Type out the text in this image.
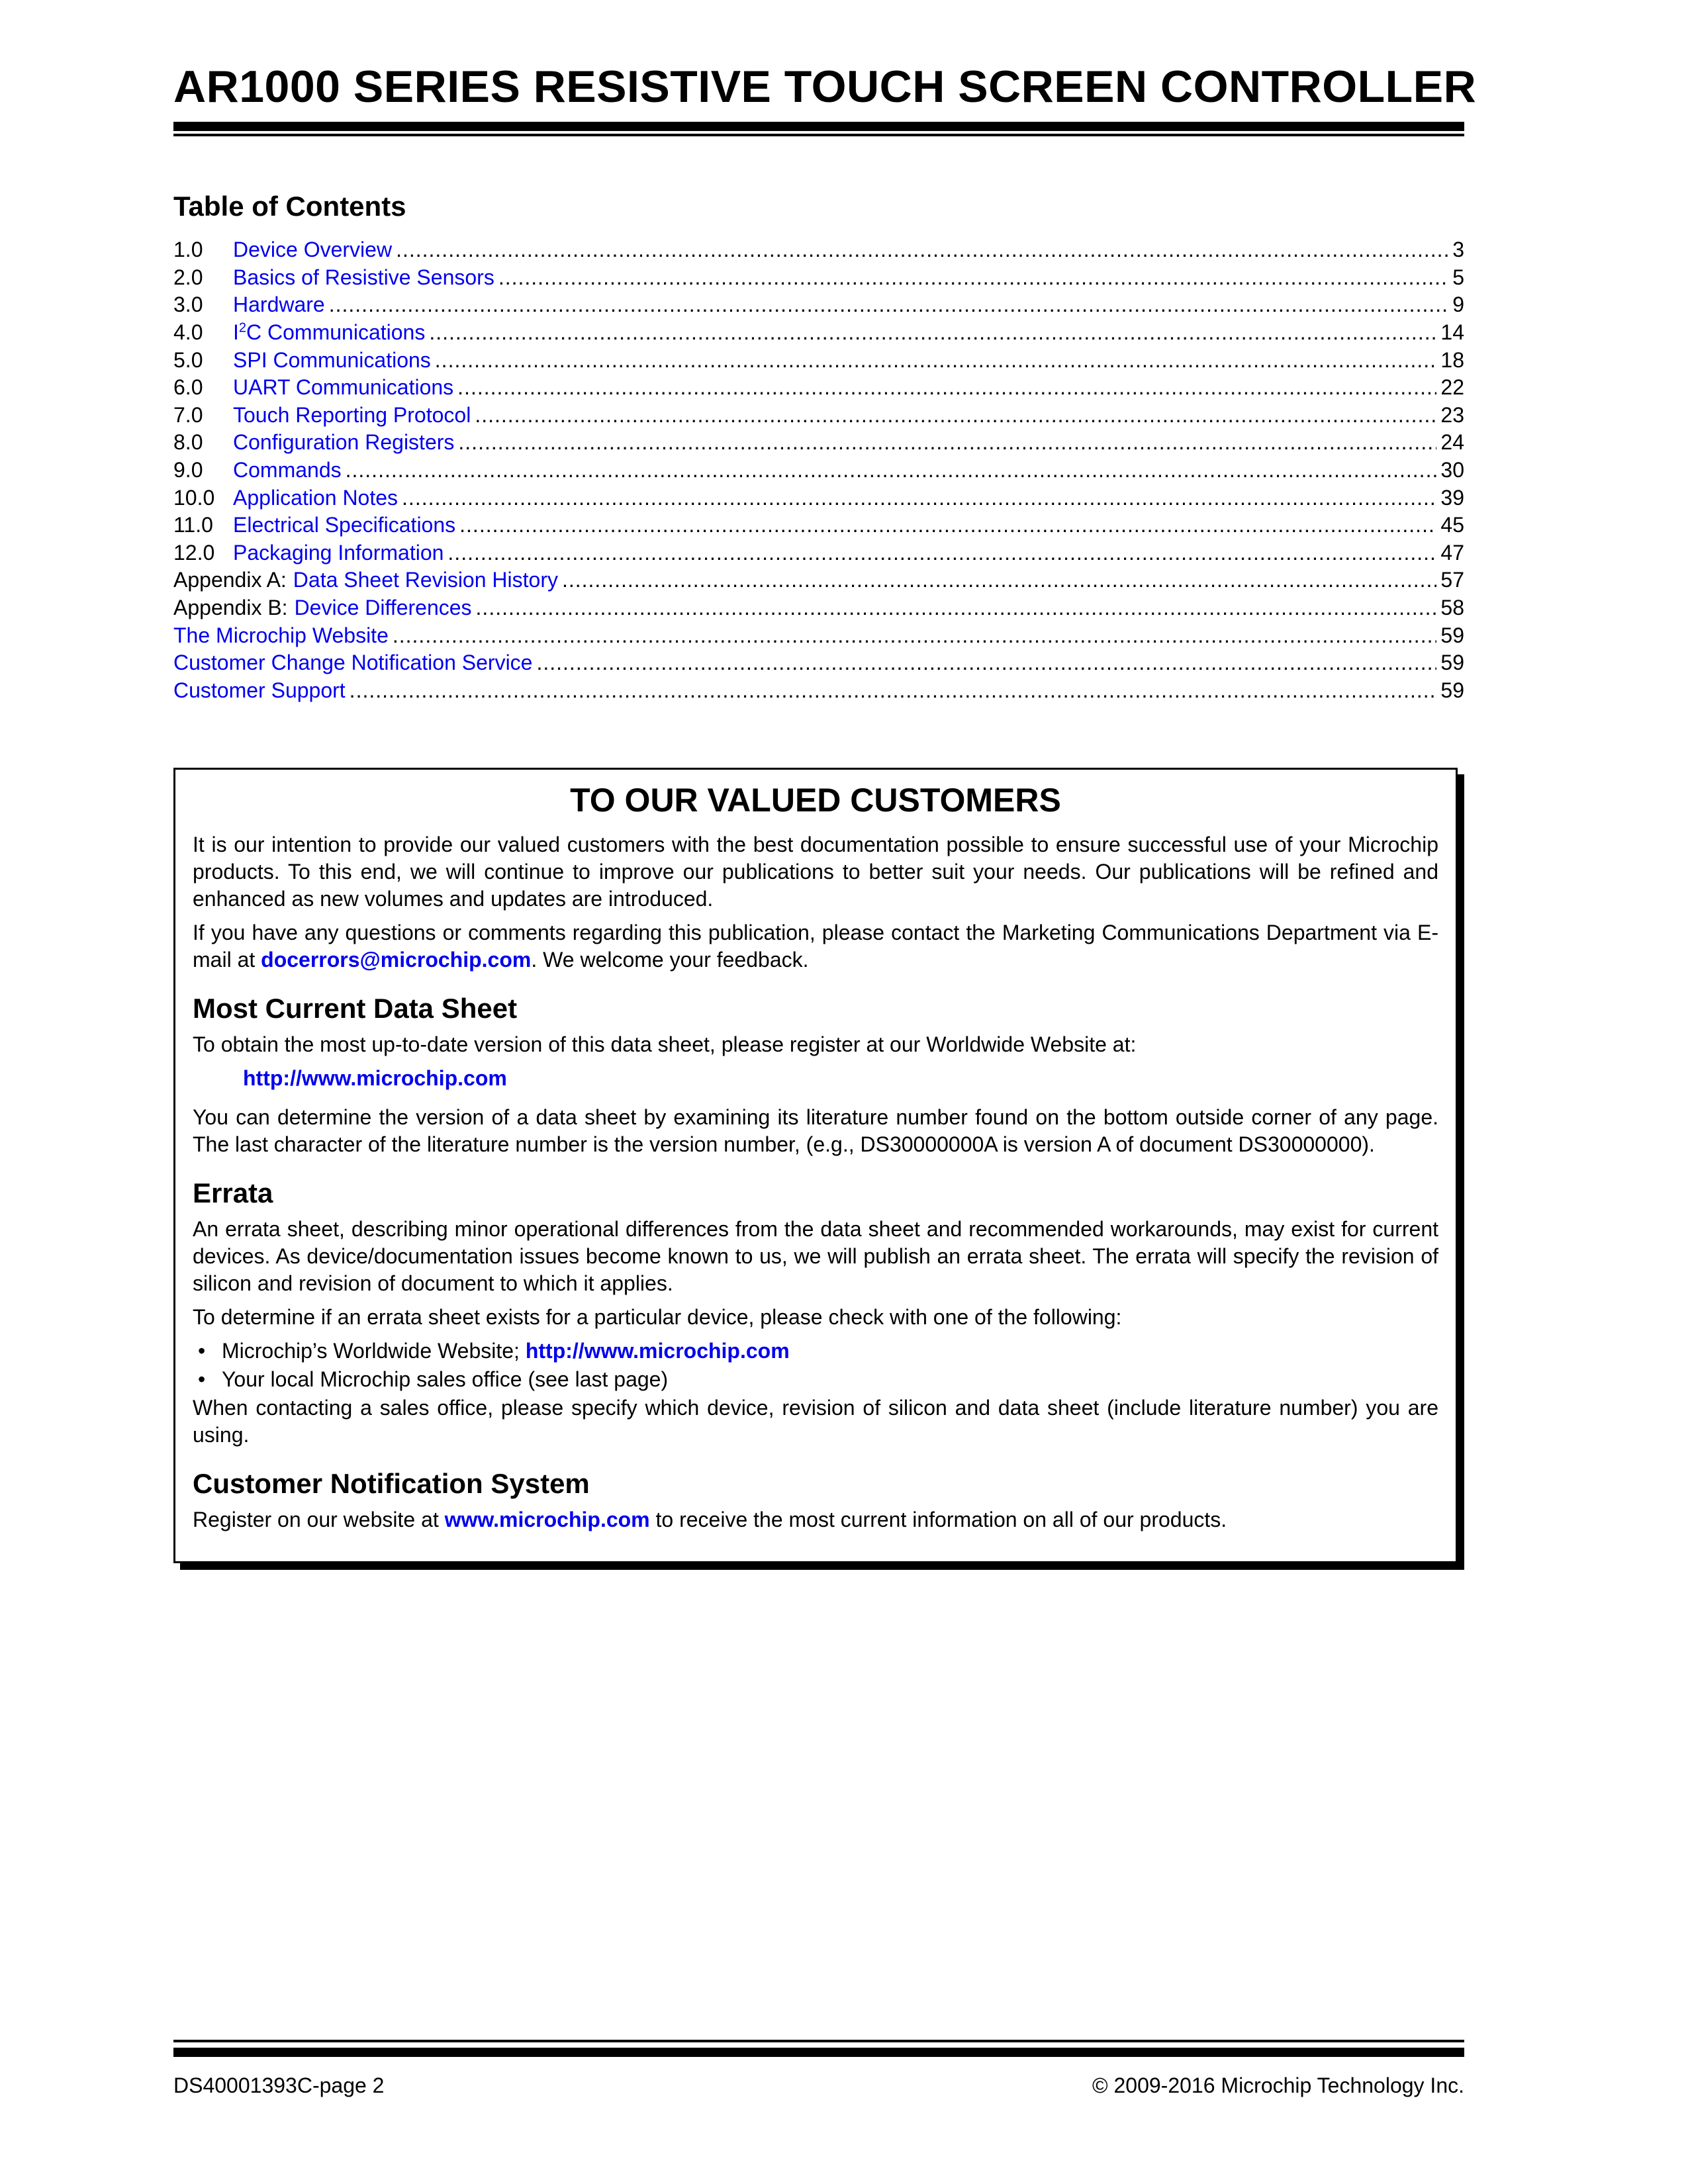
AR1000 SERIES RESISTIVE TOUCH SCREEN CONTROLLER
Table of Contents
1.0	Device Overview .....	3
2.0	Basics of Resistive Sensors .....	5
3.0	Hardware .....	9
4.0	$I^2C$ Communications .....	14
5.0	SPI Communications .....	18
6.0	UART Communications .....	22
7.0	Touch Reporting Protocol .....	23
8.0	Configuration Registers .....	24
9.0	Commands .....	30
10.0 Application Notes .....	39
11.0 Electrical Specifications .....	45
12.0 Packaging Information .....	47
Appendix A: Data Sheet Revision History .....	57
Appendix B: Device Differences .....	58
The Microchip Website .....	59
Customer Change Notification Service .....	59
Customer Support .....	59
TO OUR VALUED CUSTOMERS

It is our intention to provide our valued customers with the best documentation possible to ensure successful use of your Microchip products. To this end, we will continue to improve our publications to better suit your needs. Our publications will be refined and enhanced as new volumes and updates are introduced.

If you have any questions or comments regarding this publication, please contact the Marketing Communications Department via E-mail at docerrors@microchip.com. We welcome your feedback.

Most Current Data Sheet

To obtain the most up-to-date version of this data sheet, please register at our Worldwide Website at:

http://www.microchip.com

You can determine the version of a data sheet by examining its literature number found on the bottom outside corner of any page. The last character of the literature number is the version number, (e.g., DS30000000A is version A of document DS30000000).

Errata

An errata sheet, describing minor operational differences from the data sheet and recommended workarounds, may exist for current devices. As device/documentation issues become known to us, we will publish an errata sheet. The errata will specify the revision of silicon and revision of document to which it applies.

To determine if an errata sheet exists for a particular device, please check with one of the following:

• Microchip’s Worldwide Website; http://www.microchip.com
• Your local Microchip sales office (see last page)

When contacting a sales office, please specify which device, revision of silicon and data sheet (include literature number) you are using.

Customer Notification System

Register on our website at www.microchip.com to receive the most current information on all of our products.

DS40001393C-page 2	© 2009-2016 Microchip Technology Inc.
